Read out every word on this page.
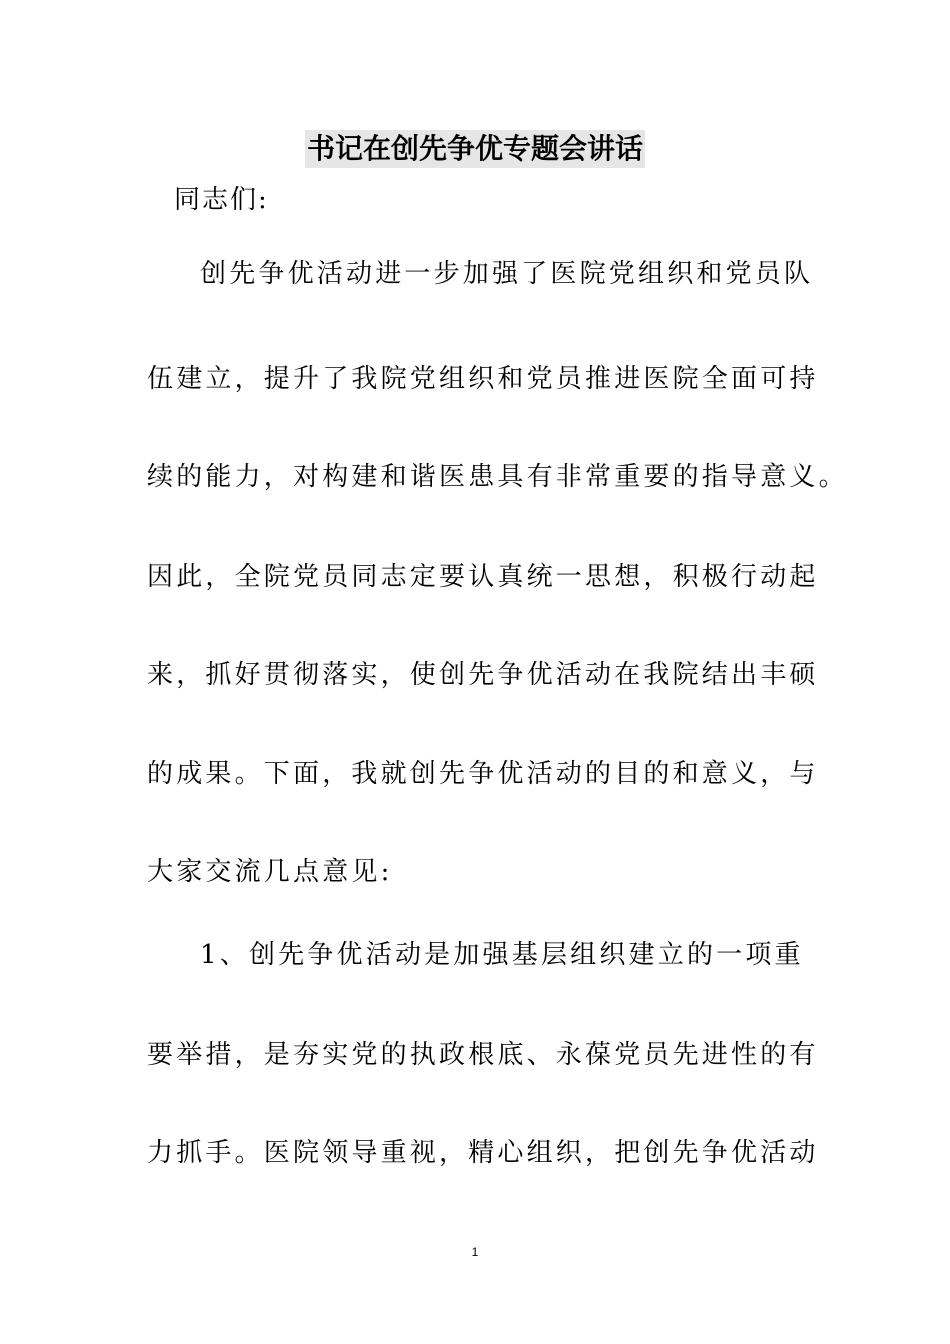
书记在创先争优专题会讲话
同志们:
创先争优活动进一步加强了医院党组织和党员队
伍建立，提升了我院党组织和党员推进医院全面可持
续的能力，对构建和谐医患具有非常重要的指导意义。
因此，全院党员同志定要认真统一思想，积极行动起
来，抓好贯彻落实，使创先争优活动在我院结出丰硕
的成果。下面，我就创先争优活动的目的和意义，与
大家交流几点意见:
1、创先争优活动是加强基层组织建立的一项重
要举措，是夯实党的执政根底、永葆党员先进性的有
力抓手。医院领导重视，精心组织，把创先争优活动
1
